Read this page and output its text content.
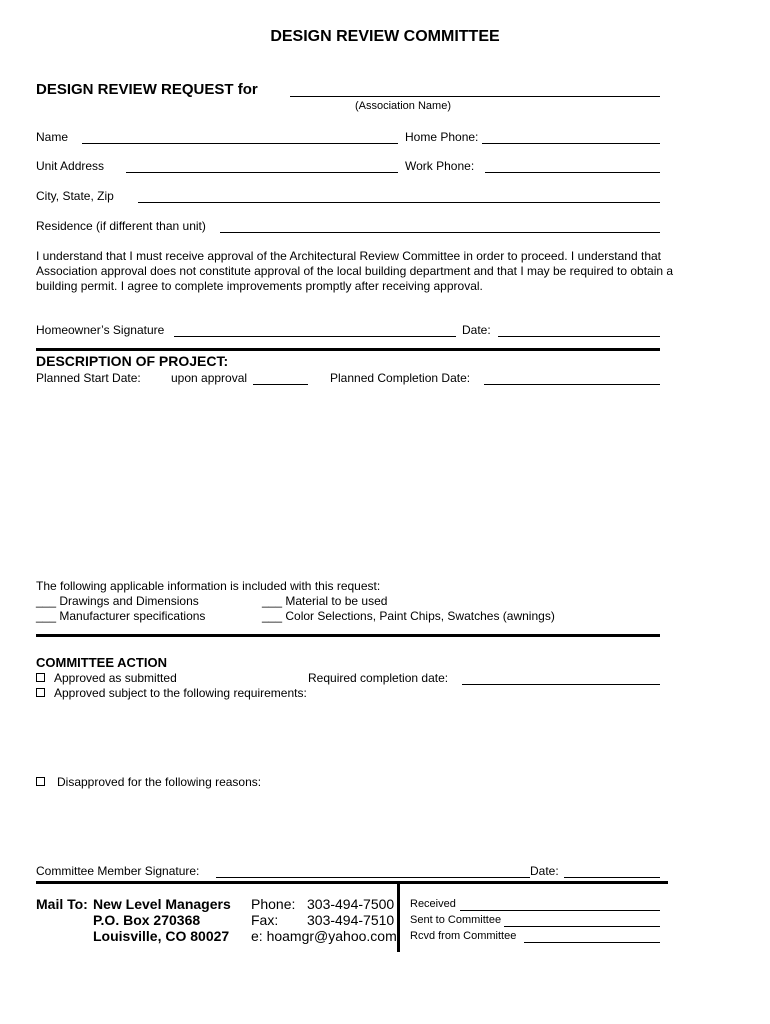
DESIGN REVIEW COMMITTEE
DESIGN REVIEW REQUEST for
(Association Name)
Name	Home Phone:
Unit Address	Work Phone:
City, State, Zip
Residence (if different than unit)
I understand that I must receive approval of the Architectural Review Committee in order to proceed. I understand that
Association approval does not constitute approval of the local building department and that I may be required to obtain a
building permit. I agree to complete improvements promptly after receiving approval.
Homeowner’s Signature	Date:
DESCRIPTION OF PROJECT:
Planned Start Date:	upon approval	Planned Completion Date:
The following applicable information is included with this request:
___ Drawings and Dimensions	___ Material to be used
___ Manufacturer specifications	___ Color Selections, Paint Chips, Swatches (awnings)
COMMITTEE ACTION
Approved as submitted	Required completion date:
Approved subject to the following requirements:
Disapproved for the following reasons:
Committee Member Signature:	Date:
Mail To: New Level Managers
P.O. Box 270368
Louisville, CO 80027
Phone: 303-494-7500
Fax: 303-494-7510
e: hoamgr@yahoo.com
Received
Sent to Committee
Rcvd from Committee
